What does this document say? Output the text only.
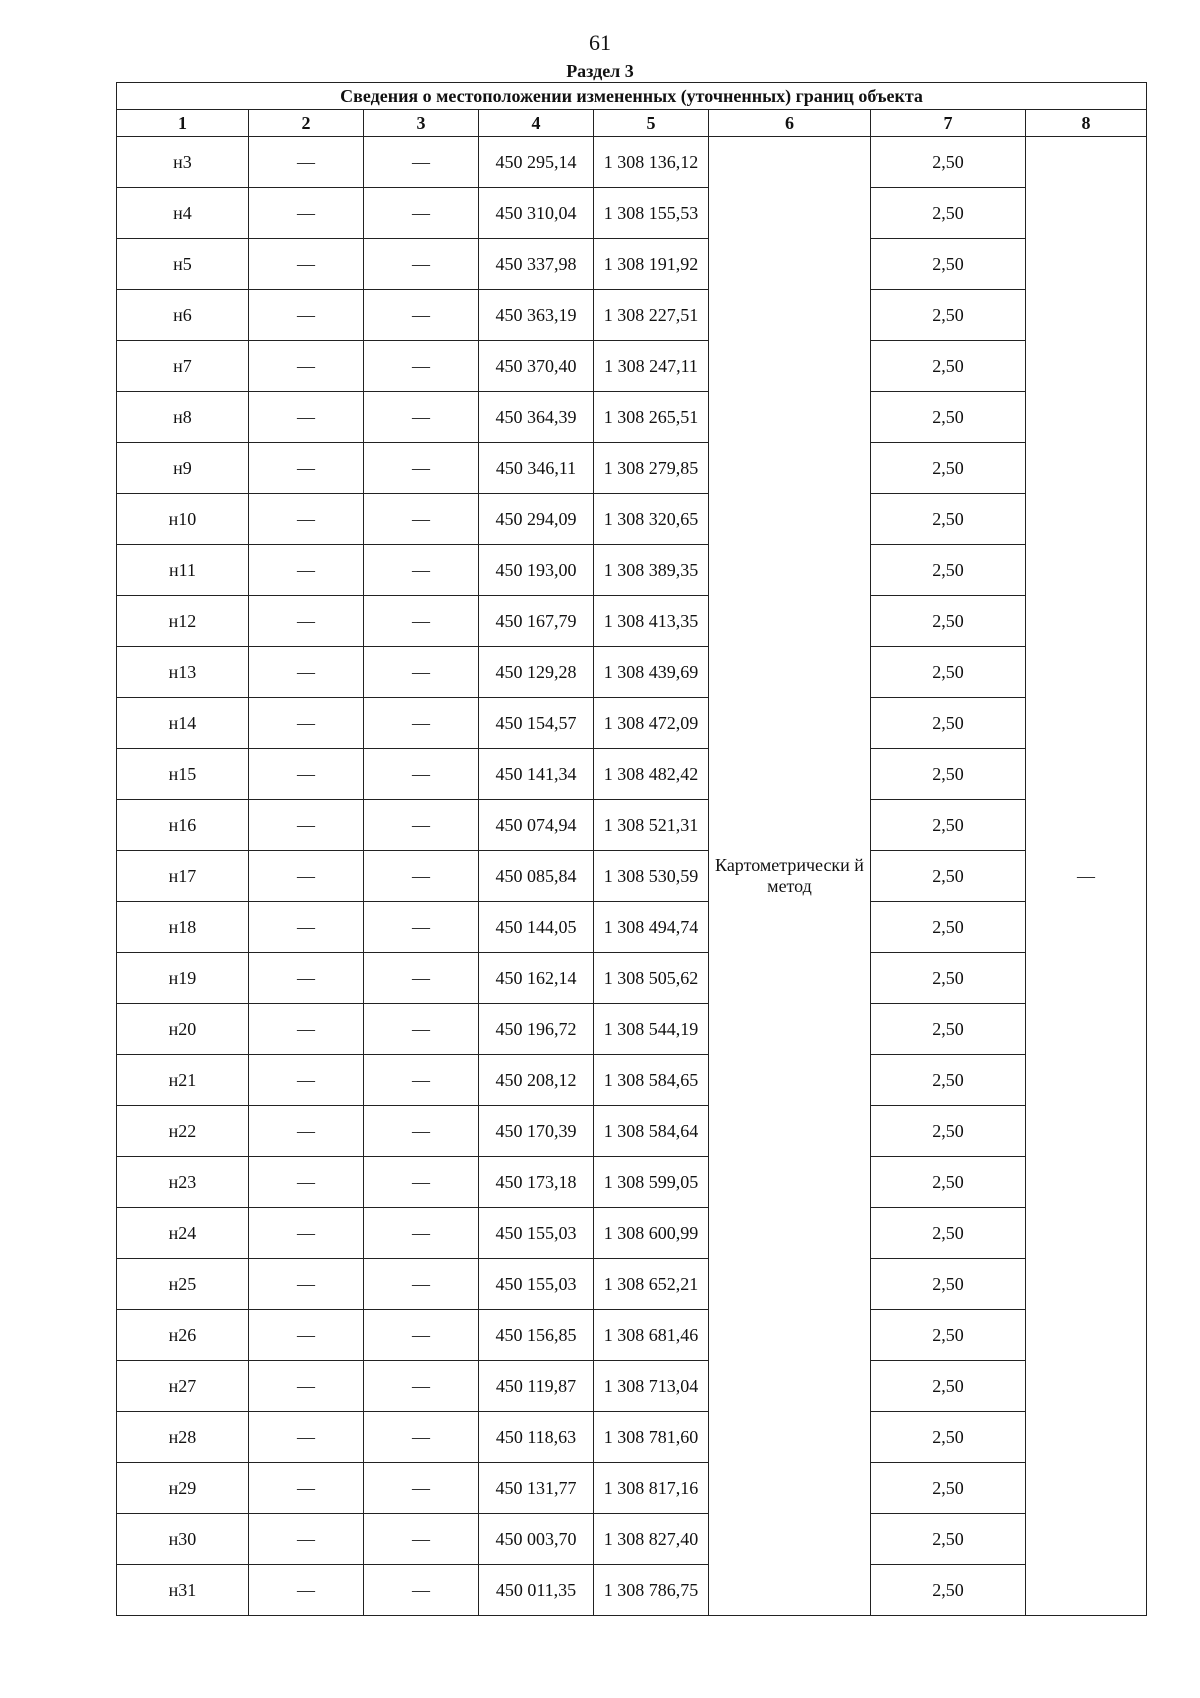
61
Раздел 3
Сведения о местоположении измененных (уточненных) границ объекта							
1	2	3	4	5	6	7	8
н3	—	—	450 295,14	1 308 136,12	Картометрически й метод	2,50	—
н4	—	—	450 310,04	1 308 155,53		2,50	
н5	—	—	450 337,98	1 308 191,92		2,50	
н6	—	—	450 363,19	1 308 227,51		2,50	
н7	—	—	450 370,40	1 308 247,11		2,50	
н8	—	—	450 364,39	1 308 265,51		2,50	
н9	—	—	450 346,11	1 308 279,85		2,50	
н10	—	—	450 294,09	1 308 320,65		2,50	
н11	—	—	450 193,00	1 308 389,35		2,50	
н12	—	—	450 167,79	1 308 413,35		2,50	
н13	—	—	450 129,28	1 308 439,69		2,50	
н14	—	—	450 154,57	1 308 472,09		2,50	
н15	—	—	450 141,34	1 308 482,42		2,50	
н16	—	—	450 074,94	1 308 521,31		2,50	
н17	—	—	450 085,84	1 308 530,59		2,50	
н18	—	—	450 144,05	1 308 494,74		2,50	
н19	—	—	450 162,14	1 308 505,62		2,50	
н20	—	—	450 196,72	1 308 544,19		2,50	
н21	—	—	450 208,12	1 308 584,65		2,50	
н22	—	—	450 170,39	1 308 584,64		2,50	
н23	—	—	450 173,18	1 308 599,05		2,50	
н24	—	—	450 155,03	1 308 600,99		2,50	
н25	—	—	450 155,03	1 308 652,21		2,50	
н26	—	—	450 156,85	1 308 681,46		2,50	
н27	—	—	450 119,87	1 308 713,04		2,50	
н28	—	—	450 118,63	1 308 781,60		2,50	
н29	—	—	450 131,77	1 308 817,16		2,50	
н30	—	—	450 003,70	1 308 827,40		2,50	
н31	—	—	450 011,35	1 308 786,75		2,50	
